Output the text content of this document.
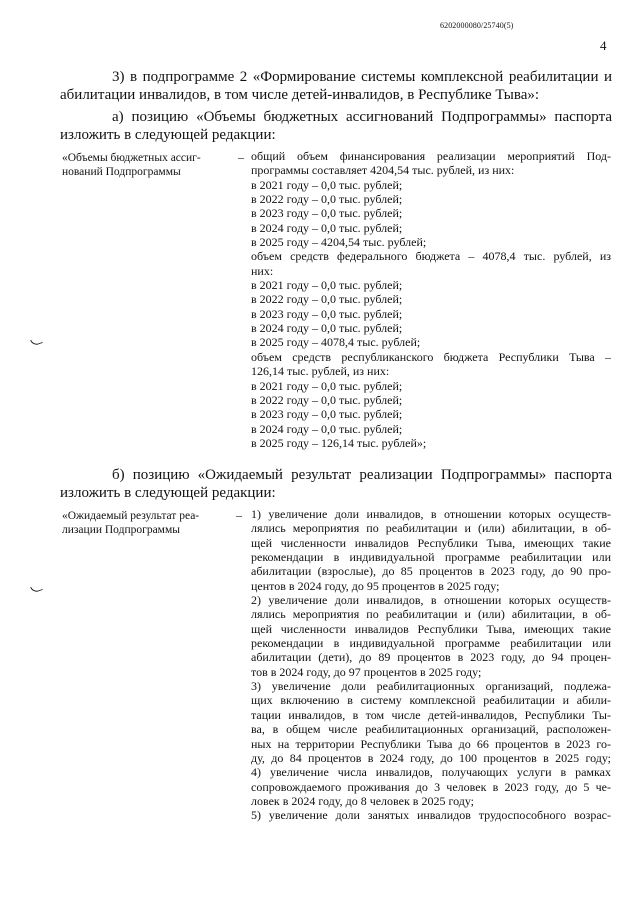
6202000080/25740(5)
4
3) в подпрограмме 2 «Формирование системы комплексной реабилитации и абилитации инвалидов, в том числе детей-инвалидов, в Республике Тыва»:
а) позицию «Объемы бюджетных ассигнований Подпрограммы» паспорта изложить в следующей редакции:
«Объемы бюджетных ассиг-
нований Подпрограммы
– общий объем финансирования реализации мероприятий Под-
программы составляет 4204,54 тыс. рублей, из них:
в 2021 году – 0,0 тыс. рублей;
в 2022 году – 0,0 тыс. рублей;
в 2023 году – 0,0 тыс. рублей;
в 2024 году – 0,0 тыс. рублей;
в 2025 году – 4204,54 тыс. рублей;
объем средств федерального бюджета – 4078,4 тыс. рублей, из
них:
в 2021 году – 0,0 тыс. рублей;
в 2022 году – 0,0 тыс. рублей;
в 2023 году – 0,0 тыс. рублей;
в 2024 году – 0,0 тыс. рублей;
в 2025 году – 4078,4 тыс. рублей;
объем средств республиканского бюджета Республики Тыва –
126,14 тыс. рублей, из них:
в 2021 году – 0,0 тыс. рублей;
в 2022 году – 0,0 тыс. рублей;
в 2023 году – 0,0 тыс. рублей;
в 2024 году – 0,0 тыс. рублей;
в 2025 году – 126,14 тыс. рублей»;
б) позицию «Ожидаемый результат реализации Подпрограммы» паспорта изложить в следующей редакции:
«Ожидаемый результат реа-
лизации Подпрограммы
– 1) увеличение доли инвалидов, в отношении которых осуществ-
лялись мероприятия по реабилитации и (или) абилитации, в об-
щей численности инвалидов Республики Тыва, имеющих такие
рекомендации в индивидуальной программе реабилитации или
абилитации (взрослые), до 85 процентов в 2023 году, до 90 про-
центов в 2024 году, до 95 процентов в 2025 году;
2) увеличение доли инвалидов, в отношении которых осуществ-
лялись мероприятия по реабилитации и (или) абилитации, в об-
щей численности инвалидов Республики Тыва, имеющих такие
рекомендации в индивидуальной программе реабилитации или
абилитации (дети), до 89 процентов в 2023 году, до 94 процен-
тов в 2024 году, до 97 процентов в 2025 году;
3) увеличение доли реабилитационных организаций, подлежа-
щих включению в систему комплексной реабилитации и абили-
тации инвалидов, в том числе детей-инвалидов, Республики Ты-
ва, в общем числе реабилитационных организаций, расположен-
ных на территории Республики Тыва до 66 процентов в 2023 го-
ду, до 84 процентов в 2024 году, до 100 процентов в 2025 году;
4) увеличение числа инвалидов, получающих услуги в рамках
сопровождаемого проживания до 3 человек в 2023 году, до 5 че-
ловек в 2024 году, до 8 человек в 2025 году;
5) увеличение доли занятых инвалидов трудоспособного возрас-
